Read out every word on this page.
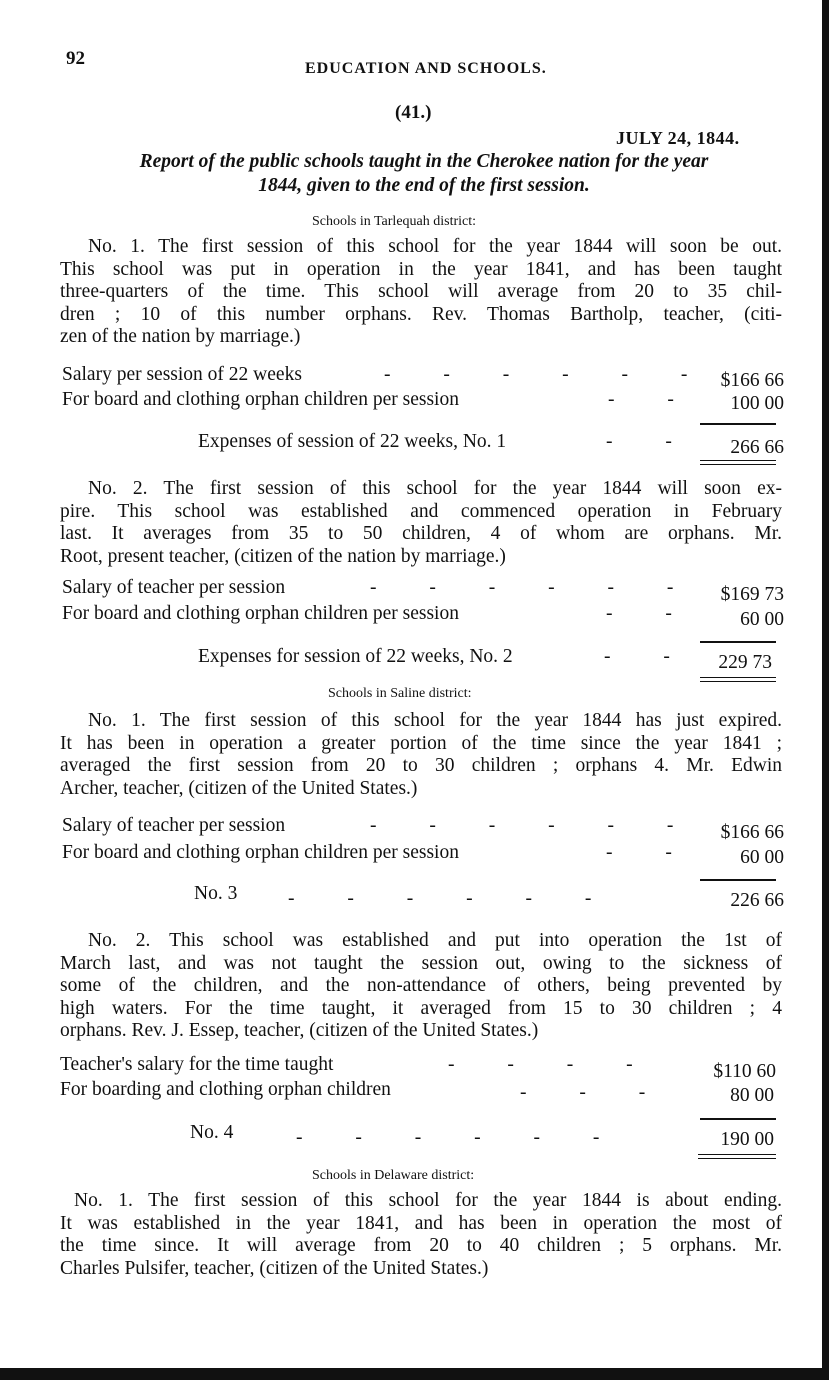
92	EDUCATION AND SCHOOLS.
(41.)
JULY 24, 1844.
Report of the public schools taught in the Cherokee nation for the year
1844, given to the end of the first session.
Schools in Tarlequah district:
No. 1. The first session of this school for the year 1844 will soon be out.
This school was put in operation in the year 1841, and has been taught
three-quarters of the time. This school will average from 20 to 35 chil-
dren ; 10 of this number orphans. Rev. Thomas Bartholp, teacher, (citi-
zen of the nation by marriage.)
Salary per session of 22 weeks	- - - - - - $166 66
For board and clothing orphan children per session	- -	100 00
Expenses of session of 22 weeks, No. 1	- -	266 66
No. 2. The first session of this school for the year 1844 will soon ex-
pire. This school was established and commenced operation in February
last. It averages from 35 to 50 children, 4 of whom are orphans. Mr.
Root, present teacher, (citizen of the nation by marriage.)
Salary of teacher per session	- - - - - -	$169 73
For board and clothing orphan children per session	- -	60 00
Expenses for session of 22 weeks, No. 2	- -	229 73
Schools in Saline district:
No. 1. The first session of this school for the year 1844 has just expired.
It has been in operation a greater portion of the time since the year 1841 ;
averaged the first session from 20 to 30 children ; orphans 4. Mr. Edwin
Archer, teacher, (citizen of the United States.)
Salary of teacher per session	- - - - - -	$166 66
For board and clothing orphan children per session	- -	60 00
No. 3	- - - - - -	226 66
No. 2. This school was established and put into operation the 1st of
March last, and was not taught the session out, owing to the sickness of
some of the children, and the non-attendance of others, being prevented by
high waters. For the time taught, it averaged from 15 to 30 children ; 4
orphans. Rev. J. Essep, teacher, (citizen of the United States.)
Teacher's salary for the time taught	- - - -	$110 60
For boarding and clothing orphan children	- - -	80 00
No. 4	- - - - - -	190 00
Schools in Delaware district:
No. 1. The first session of this school for the year 1844 is about ending.
It was established in the year 1841, and has been in operation the most of
the time since. It will average from 20 to 40 children ; 5 orphans. Mr.
Charles Pulsifer, teacher, (citizen of the United States.)
